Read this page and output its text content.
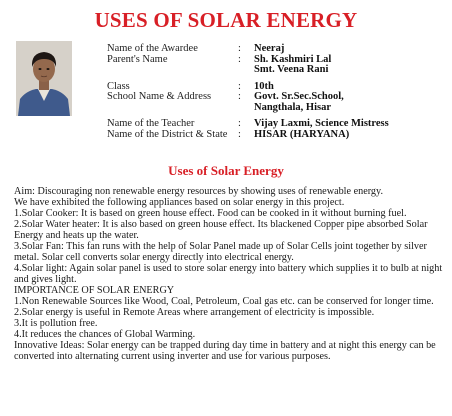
USES OF SOLAR ENERGY
Name of the Awardee	:	Neeraj
Parent's Name	:	Sh. Kashmiri Lal
Smt. Veena Rani
Class	:	10th
School Name & Address	:	Govt. Sr.Sec.School,
Nangthala, Hisar
Name of the Teacher	:	Vijay Laxmi, Science Mistress
Name of the District & State	:	HISAR (HARYANA)
Uses of Solar Energy

Aim: Discouraging non renewable energy resources by showing uses of renewable energy.

We have exhibited the following appliances based on solar energy in this project.

1.Solar Cooker: It is based on green house effect. Food can be cooked in it without burning fuel.

2.Solar Water heater: It is also based on green house effect. Its blackened Copper pipe absorbed Solar Energy and heats up the water.

3.Solar Fan: This fan runs with the help of Solar Panel made up of Solar Cells joint together by silver metal. Solar cell converts solar energy directly into electrical energy.

4.Solar light: Again solar panel is used to store solar energy into battery which supplies it to bulb at night and gives light.

IMPORTANCE OF SOLAR ENERGY

1.Non Renewable Sources like Wood, Coal, Petroleum, Coal gas etc. can be conserved for longer time.

2.Solar energy is useful in Remote Areas where arrangement of electricity is impossible.

3.It is pollution free.

4.It reduces the chances of Global Warming.

Innovative Ideas: Solar energy can be trapped during day time in battery and at night this energy can be converted into alternating current using inverter and use for various purposes.
